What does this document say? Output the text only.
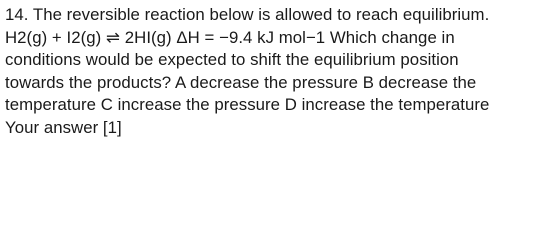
14. The reversible reaction below is allowed to reach equilibrium.
H2(g) + I2(g) ⇌ 2HI(g) ΔH = −9.4 kJ mol−1 Which change in
conditions would be expected to shift the equilibrium position
towards the products? A decrease the pressure B decrease the
temperature C increase the pressure D increase the temperature
Your answer [1]
